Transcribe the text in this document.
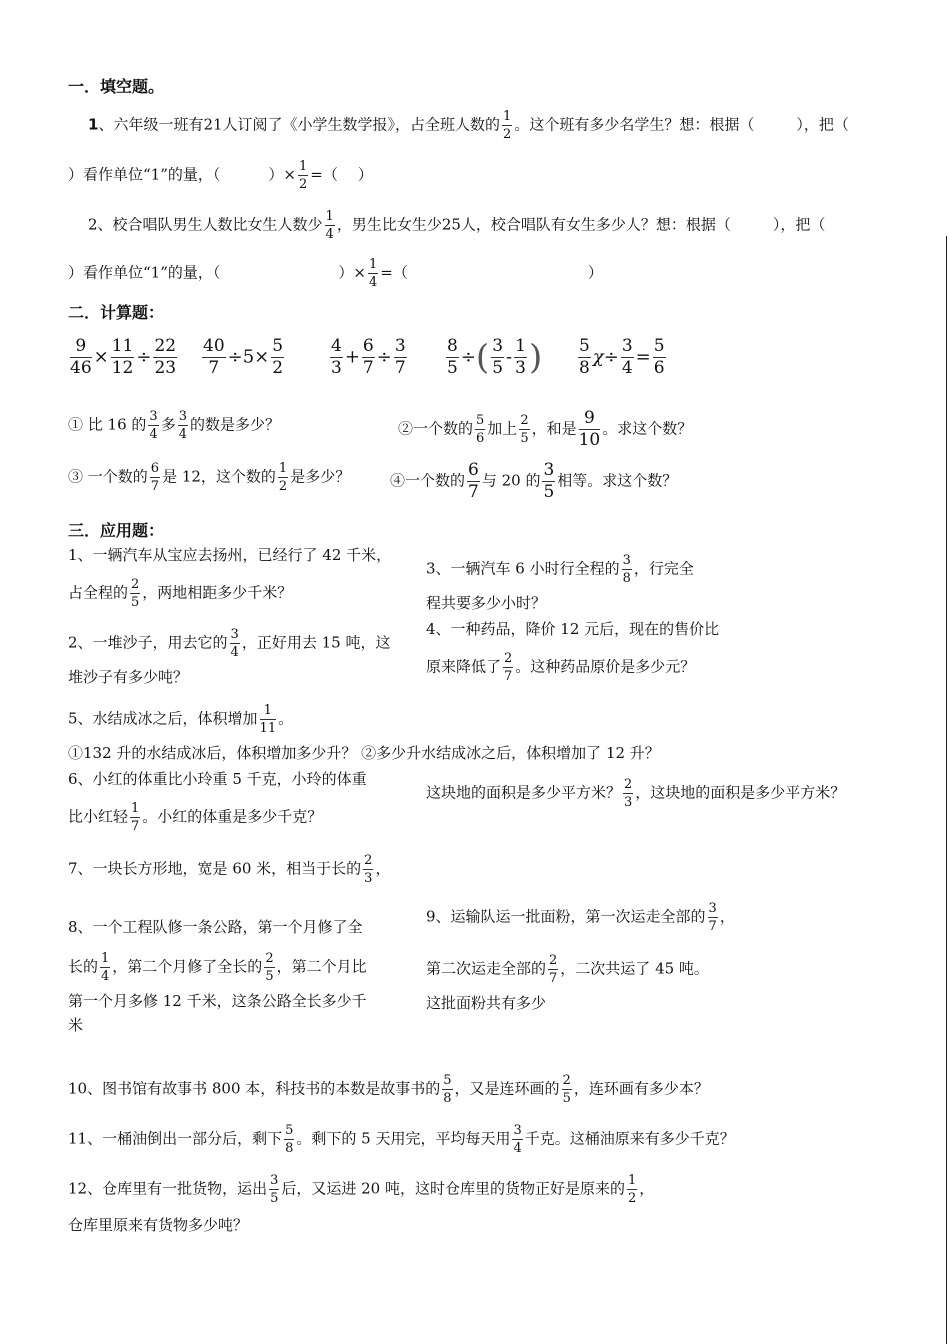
一．填空题。
1、六年级一班有21人订阅了《小学生数学报》，占全班人数的 $\frac{1}{2}$ 。这个班有多少名学生？想：根据（	），把（
）看作单位“1”的量，（	）× $\frac{1}{2}$ =（ ）
2、校合唱队男生人数比女生人数少 $\frac{1}{4}$ ，男生比女生少25人，校合唱队有女生多少人？想：根据（	），把（
）看作单位“1”的量，（	）× $\frac{1}{4}$ =（	）
二．计算题：
$\frac{9}{46} \times \frac{11}{12} \div \frac{22}{23} \frac{40}{7} \div 5\times \frac{5}{2}$	$\frac{4}{3} + \frac{6}{7} \div \frac{3}{7} \frac{8}{5}$ ÷( $\frac{3}{5} - \frac{1}{3}$ ) $\frac{5}{8} \chi\div \frac{3}{4} = \frac{5}{6}$
① 比 16 的 $\frac{3}{4}$ 多 $\frac{3}{4}$ 的数是多少？	②一个数的 $\frac{5}{6}$ 加上 $\frac{2}{5}$ ，和是 $\frac{9}{10}$ 。求这个数？
③ 一个数的 $\frac{6}{7}$ 是 12，这个数的 $\frac{1}{2}$ 是多少？	④一个数的 $\frac{6}{7}$ 与 20 的 $\frac{3}{5}$ 相等。求这个数？
三．应用题：
1、一辆汽车从宝应去扬州，已经行了 42 千米，
占全程的 $\frac{2}{5}$ ，两地相距多少千米？
3、一辆汽车 6 小时行全程的 $\frac{3}{8}$ ，行完全
程共要多少小时？
2、一堆沙子，用去它的 $\frac{3}{4}$ ，正好用去 15 吨，这
堆沙子有多少吨？
4、一种药品，降价 12 元后，现在的售价比
原来降低了 $\frac{2}{7}$ 。这种药品原价是多少元？
5、水结成冰之后，体积增加 $\frac{1}{11}$ 。
①132 升的水结成冰后，体积增加多少升？ ②多少升水结成冰之后，体积增加了 12 升？
6、小红的体重比小玲重 5 千克，小玲的体重
比小红轻 $\frac{1}{7}$ 。小红的体重是多少千克？
这块地的面积是多少平方米？ $\frac{2}{3}$ ，这块地的面积是多少平方米？
7、一块长方形地，宽是 60 米，相当于长的 $\frac{2}{3}$ ，
8、一个工程队修一条公路，第一个月修了全
长的 $\frac{1}{4}$ ，第二个月修了全长的 $\frac{2}{5}$ ，第二个月比
第一个月多修 12 千米，这条公路全长多少千
米
9、运输队运一批面粉，第一次运走全部的 $\frac{3}{7}$ ，
第二次运走全部的 $\frac{2}{7}$ ，二次共运了 45 吨。
这批面粉共有多少
10、图书馆有故事书 800 本，科技书的本数是故事书的 $\frac{5}{8}$ ，又是连环画的 $\frac{2}{5}$ ，连环画有多少本？
11、一桶油倒出一部分后，剩下 $\frac{5}{8}$ 。剩下的 5 天用完，平均每天用 $\frac{3}{4}$ 千克。这桶油原来有多少千克？
12、仓库里有一批货物，运出 $\frac{3}{5}$ 后，又运进 20 吨，这时仓库里的货物正好是原来的 $\frac{1}{2}$ ，
仓库里原来有货物多少吨？
